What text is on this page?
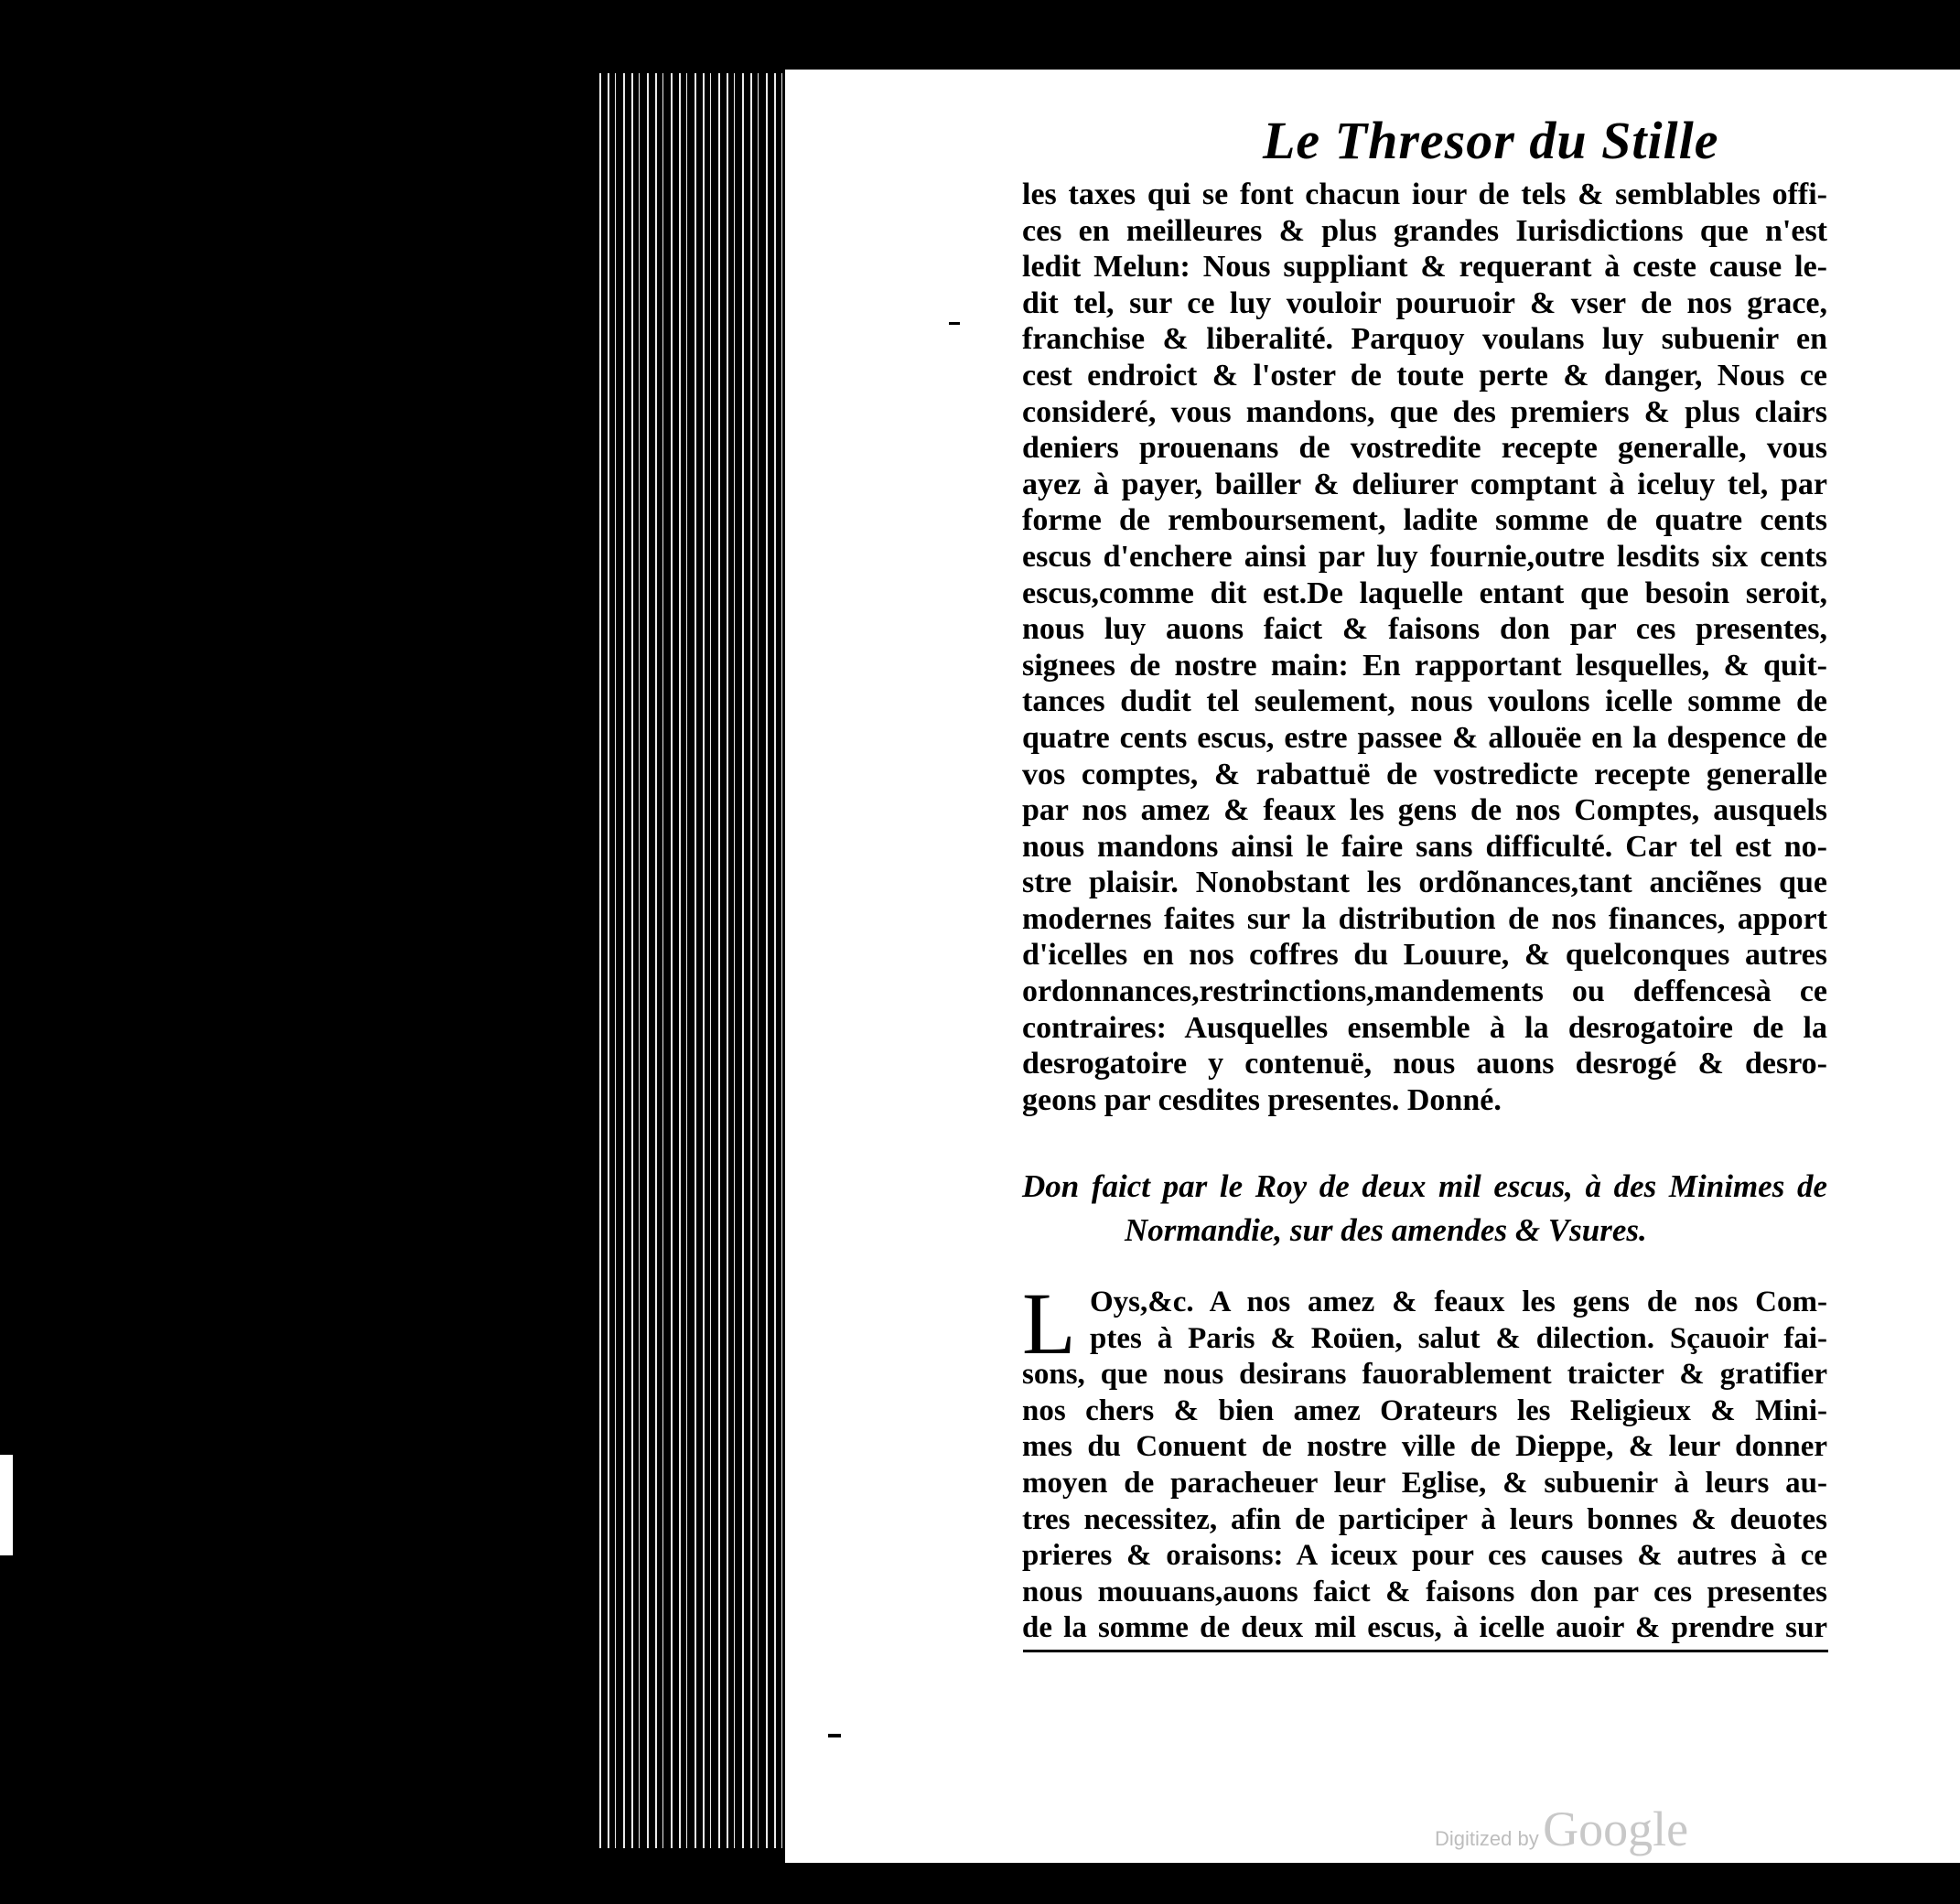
Le Thresor du Stille
les taxes qui se font chacun iour de tels & semblables offi-
ces en meilleures & plus grandes Iurisdictions que n'est
ledit Melun: Nous suppliant & requerant à ceste cause le-
dit tel, sur ce luy vouloir pouruoir & vser de nos grace,
franchise & liberalité. Parquoy voulans luy subuenir en
cest endroict & l'oster de toute perte & danger, Nous ce
consideré, vous mandons, que des premiers & plus clairs
deniers prouenans de vostredite recepte generalle, vous
ayez à payer, bailler & deliurer comptant à iceluy tel, par
forme de remboursement, ladite somme de quatre cents
escus d'enchere ainsi par luy fournie,outre lesdits six cents
escus,comme dit est.De laquelle entant que besoin seroit,
nous luy auons faict & faisons don par ces presentes,
signees de nostre main: En rapportant lesquelles, & quit-
tances dudit tel seulement, nous voulons icelle somme de
quatre cents escus, estre passee & allouëe en la despence de
vos comptes, & rabattuë de vostredicte recepte generalle
par nos amez & feaux les gens de nos Comptes, ausquels
nous mandons ainsi le faire sans difficulté. Car tel est no-
stre plaisir. Nonobstant les ordõnances,tant anciẽnes que
modernes faites sur la distribution de nos finances, apport
d'icelles en nos coffres du Louure, & quelconques autres
ordonnances,restrinctions,mandements ou deffencesà ce
contraires: Ausquelles ensemble à la desrogatoire de la
desrogatoire y contenuë, nous auons desrogé & desro-
geons par cesdites presentes. Donné.
Don faict par le Roy de deux mil escus, à des Minimes de
Normandie, sur des amendes & Vsures.
L Oys,&c. A nos amez & feaux les gens de nos Com-
ptes à Paris & Roüen, salut & dilection. Sçauoir fai-
sons, que nous desirans fauorablement traicter & gratifier
nos chers & bien amez Orateurs les Religieux & Mini-
mes du Conuent de nostre ville de Dieppe, & leur donner
moyen de paracheuer leur Eglise, & subuenir à leurs au-
tres necessitez, afin de participer à leurs bonnes & deuotes
prieres & oraisons: A iceux pour ces causes & autres à ce
nous mouuans,auons faict & faisons don par ces presentes
de la somme de deux mil escus, à icelle auoir & prendre sur
Digitized by Google
